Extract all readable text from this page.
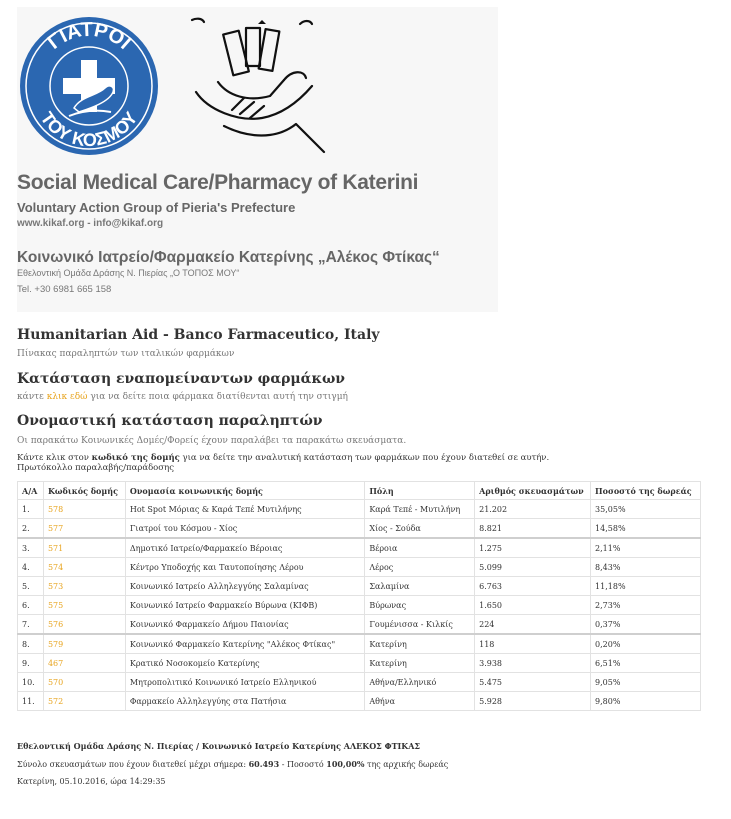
ΓΙΑΤΡΟΙ
ΤΟΥ ΚΟΣΜΟΥ
Social Medical Care/Pharmacy of Katerini
Voluntary Action Group of Pieria's Prefecture
www.kikaf.org - info@kikaf.org
Κοινωνικό Ιατρείο/Φαρμακείο Κατερίνης „Αλέκος Φτίκας“
Εθελοντική Ομάδα Δράσης Ν. Πιερίας „Ο ΤΟΠΟΣ ΜΟΥ“
Tel. +30 6981 665 158
Humanitarian Aid - Banco Farmaceutico, Italy
Πίνακας παραληπτών των ιταλικών φαρμάκων
Κατάσταση εναπομείναντων φαρμάκων
κάντε κλικ εδώ για να δείτε ποια φάρμακα διατίθενται αυτή την στιγμή
Ονομαστική κατάσταση παραληπτών
Οι παρακάτω Κοινωνικές Δομές/Φορείς έχουν παραλάβει τα παρακάτω σκευάσματα.
Κάντε κλικ στον κωδικό της δομής για να δείτε την αναλυτική κατάσταση των φαρμάκων που έχουν διατεθεί σε αυτήν.
Πρωτόκολλο παραλαβής/παράδοσης
Α/Α	Κωδικός δομής	Ονομασία κοινωνικής δομής	Πόλη	Αριθμός σκευασμάτων	Ποσοστό της δωρεάς
1.	578	Hot Spot Μόριας & Καρά Τεπέ Μυτιλήνης	Καρά Τεπέ - Μυτιλήνη	21.202	35,05%
2.	577	Γιατροί του Κόσμου - Χίος	Χίος - Σούδα	8.821	14,58%
3.	571	Δημοτικό Ιατρείο/Φαρμακείο Βέροιας	Βέροια	1.275	2,11%
4.	574	Κέντρο Υποδοχής και Ταυτοποίησης Λέρου	Λέρος	5.099	8,43%
5.	573	Κοινωνικό Ιατρείο Αλληλεγγύης Σαλαμίνας	Σαλαμίνα	6.763	11,18%
6.	575	Κοινωνικό Ιατρείο Φαρμακείο Βύρωνα (ΚΙΦΒ)	Βύρωνας	1.650	2,73%
7.	576	Κοινωνικό Φαρμακείο Δήμου Παιονίας	Γουμένισσα - Κιλκίς	224	0,37%
8.	579	Κοινωνικό Φαρμακείο Κατερίνης "Αλέκος Φτίκας"	Κατερίνη	118	0,20%
9.	467	Κρατικό Νοσοκομείο Κατερίνης	Κατερίνη	3.938	6,51%
10.	570	Μητροπολιτικό Κοινωνικό Ιατρείο Ελληνικού	Αθήνα/Ελληνικό	5.475	9,05%
11.	572	Φαρμακείο Αλληλεγγύης στα Πατήσια	Αθήνα	5.928	9,80%
Εθελοντική Ομάδα Δράσης Ν. Πιερίας / Κοινωνικό Ιατρείο Κατερίνης ΑΛΕΚΟΣ ΦΤΙΚΑΣ
Σύνολο σκευασμάτων που έχουν διατεθεί μέχρι σήμερα: 60.493 - Ποσοστό 100,00% της αρχικής δωρεάς
Κατερίνη, 05.10.2016, ώρα 14:29:35
